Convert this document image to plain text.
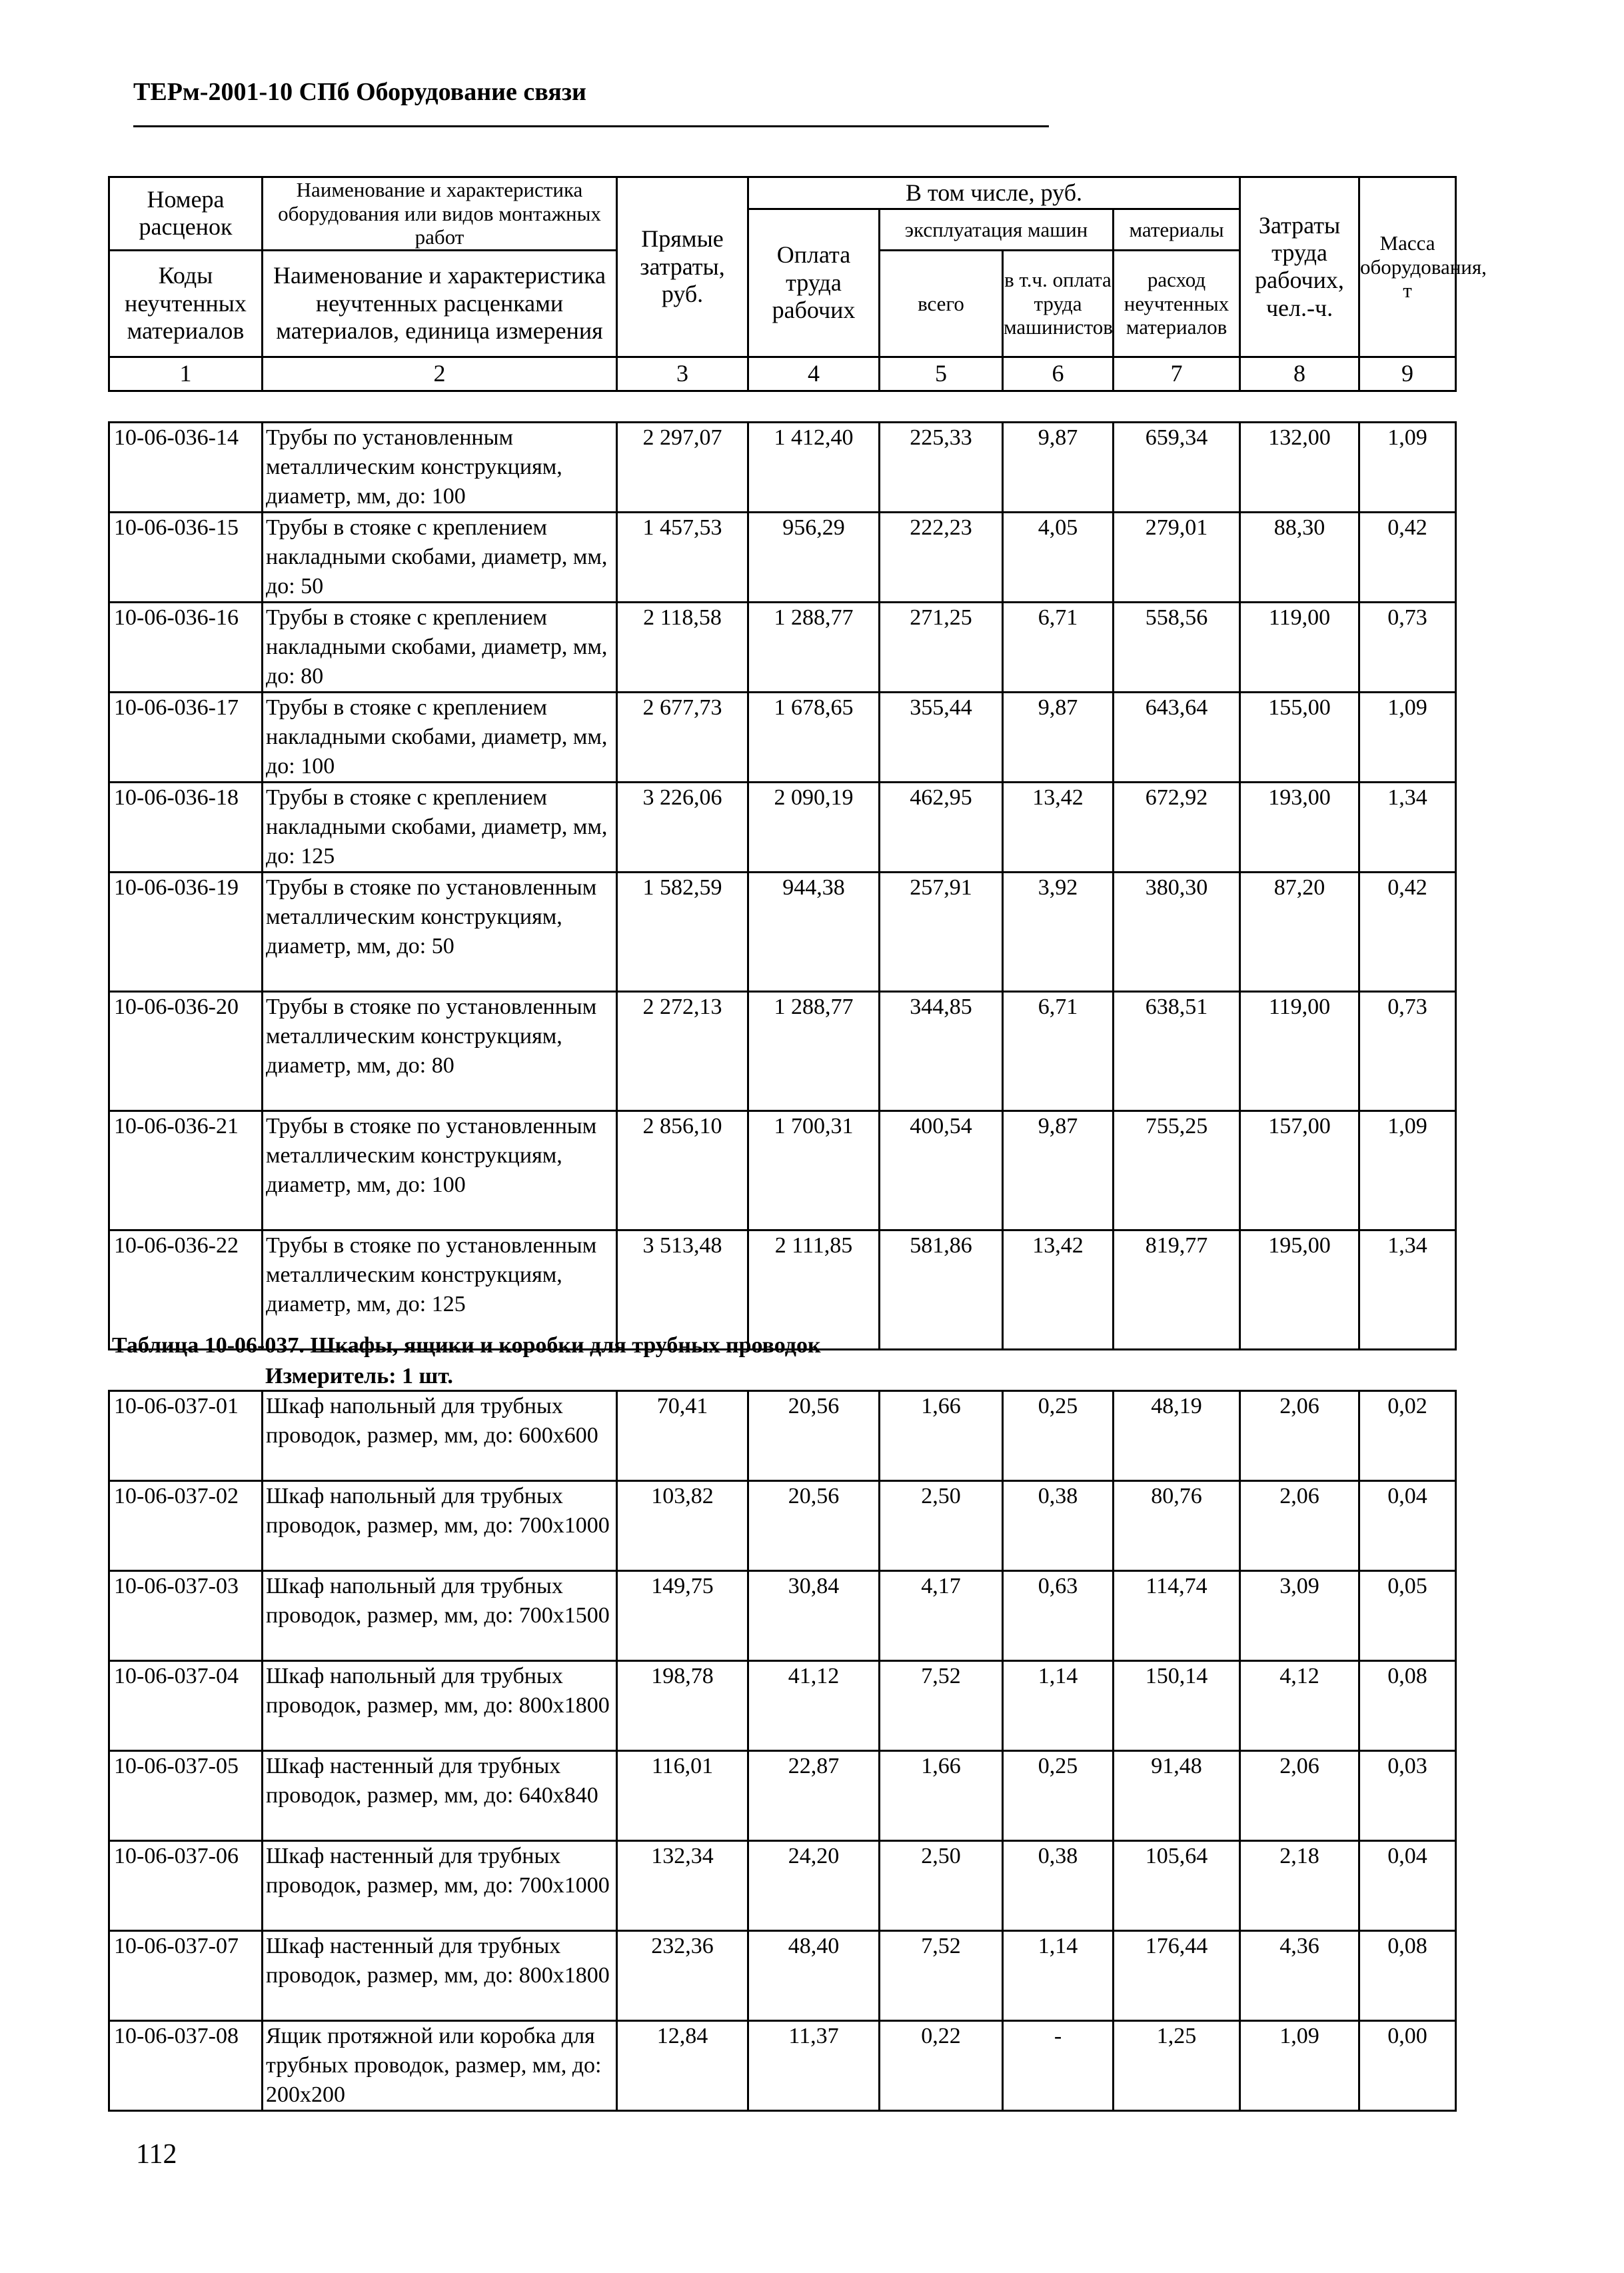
ТЕРм-2001-10 СПб Оборудование связи
Номера расценок	Наименование и характеристика оборудования или видов монтажных работ	Прямые затраты, руб.	В том числе, руб.				Затраты труда рабочих, чел.-ч.	Масса оборудования, т
			Оплата труда рабочих	эксплуатация машин		материалы		
Коды неучтенных материалов	Наименование и характеристика неучтенных расценками материалов, единица измерения			всего	в т.ч. оплата труда машинистов	расход неучтенных материалов		

1	2	3	4	5	6	7	8	9
10-06-036-14	Трубы по установленным металлическим конструкциям, диаметр, мм, до: 100	2 297,07	1 412,40	225,33	9,87	659,34	132,00	1,09
10-06-036-15	Трубы в стояке с креплением накладными скобами, диаметр, мм, до: 50	1 457,53	956,29	222,23	4,05	279,01	88,30	0,42
10-06-036-16	Трубы в стояке с креплением накладными скобами, диаметр, мм, до: 80	2 118,58	1 288,77	271,25	6,71	558,56	119,00	0,73
10-06-036-17	Трубы в стояке с креплением накладными скобами, диаметр, мм, до: 100	2 677,73	1 678,65	355,44	9,87	643,64	155,00	1,09
10-06-036-18	Трубы в стояке с креплением накладными скобами, диаметр, мм, до: 125	3 226,06	2 090,19	462,95	13,42	672,92	193,00	1,34
10-06-036-19	Трубы в стояке по установленным металлическим конструкциям, диаметр, мм, до: 50	1 582,59	944,38	257,91	3,92	380,30	87,20	0,42
10-06-036-20	Трубы в стояке по установленным металлическим конструкциям, диаметр, мм, до: 80	2 272,13	1 288,77	344,85	6,71	638,51	119,00	0,73
10-06-036-21	Трубы в стояке по установленным металлическим конструкциям, диаметр, мм, до: 100	2 856,10	1 700,31	400,54	9,87	755,25	157,00	1,09
10-06-036-22	Трубы в стояке по установленным металлическим конструкциям, диаметр, мм, до: 125	3 513,48	2 111,85	581,86	13,42	819,77	195,00	1,34
Таблица 10-06-037. Шкафы, ящики и коробки для трубных проводок
Измеритель: 1 шт.
10-06-037-01	Шкаф напольный для трубных проводок, размер, мм, до: 600х600	70,41	20,56	1,66	0,25	48,19	2,06	0,02
10-06-037-02	Шкаф напольный для трубных проводок, размер, мм, до: 700х1000	103,82	20,56	2,50	0,38	80,76	2,06	0,04
10-06-037-03	Шкаф напольный для трубных проводок, размер, мм, до: 700х1500	149,75	30,84	4,17	0,63	114,74	3,09	0,05
10-06-037-04	Шкаф напольный для трубных проводок, размер, мм, до: 800х1800	198,78	41,12	7,52	1,14	150,14	4,12	0,08
10-06-037-05	Шкаф настенный для трубных проводок, размер, мм, до: 640х840	116,01	22,87	1,66	0,25	91,48	2,06	0,03
10-06-037-06	Шкаф настенный для трубных проводок, размер, мм, до: 700х1000	132,34	24,20	2,50	0,38	105,64	2,18	0,04
10-06-037-07	Шкаф настенный для трубных проводок, размер, мм, до: 800х1800	232,36	48,40	7,52	1,14	176,44	4,36	0,08
10-06-037-08	Ящик протяжной или коробка для трубных проводок, размер, мм, до: 200х200	12,84	11,37	0,22	-	1,25	1,09	0,00
112
